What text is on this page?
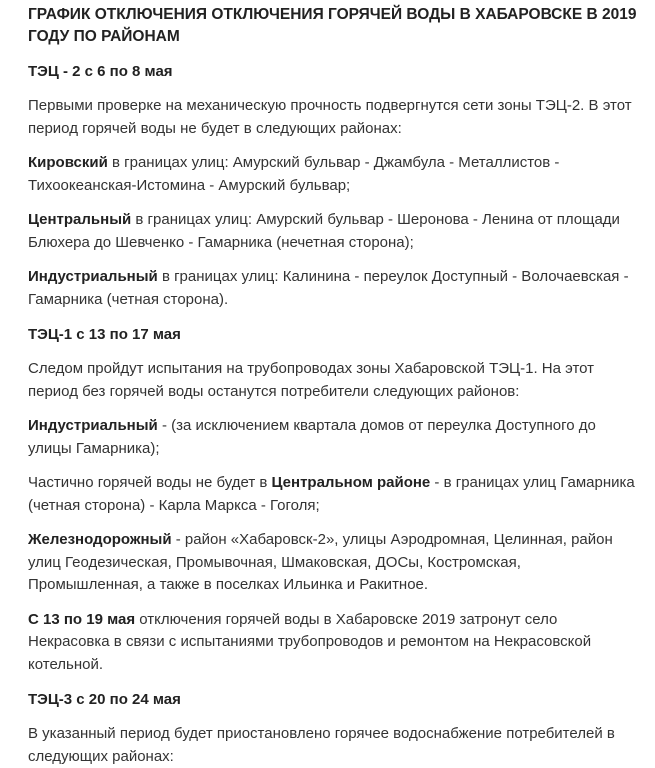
ГРАФИК ОТКЛЮЧЕНИЯ ОТКЛЮЧЕНИЯ ГОРЯЧЕЙ ВОДЫ В ХАБАРОВСКЕ В 2019 ГОДУ ПО РАЙОНАМ
ТЭЦ - 2 с 6 по 8 мая

Первыми проверке на механическую прочность подвергнутся сети зоны ТЭЦ-2. В этот период горячей воды не будет в следующих районах:

Кировский в границах улиц: Амурский бульвар - Джамбула - Металлистов - Тихоокеанская-Истомина - Амурский бульвар;

Центральный в границах улиц: Амурский бульвар - Шеронова - Ленина от площади Блюхера до Шевченко - Гамарника (нечетная сторона);

Индустриальный в границах улиц: Калинина - переулок Доступный - Волочаевская - Гамарника (четная сторона).

ТЭЦ-1 с 13 по 17 мая

Следом пройдут испытания на трубопроводах зоны Хабаровской ТЭЦ-1. На этот период без горячей воды останутся потребители следующих районов:

Индустриальный - (за исключением квартала домов от переулка Доступного до улицы Гамарника);

Частично горячей воды не будет в Центральном районе - в границах улиц Гамарника (четная сторона) - Карла Маркса - Гоголя;

Железнодорожный - район «Хабаровск-2», улицы Аэродромная, Целинная, район улиц Геодезическая, Промывочная, Шмаковская, ДОСы, Костромская, Промышленная, а также в поселках Ильинка и Ракитное.

С 13 по 19 мая отключения горячей воды в Хабаровске 2019 затронут село Некрасовка в связи с испытаниями трубопроводов и ремонтом на Некрасовской котельной.

ТЭЦ-3 с 20 по 24 мая

В указанный период будет приостановлено горячее водоснабжение потребителей в следующих районах:
